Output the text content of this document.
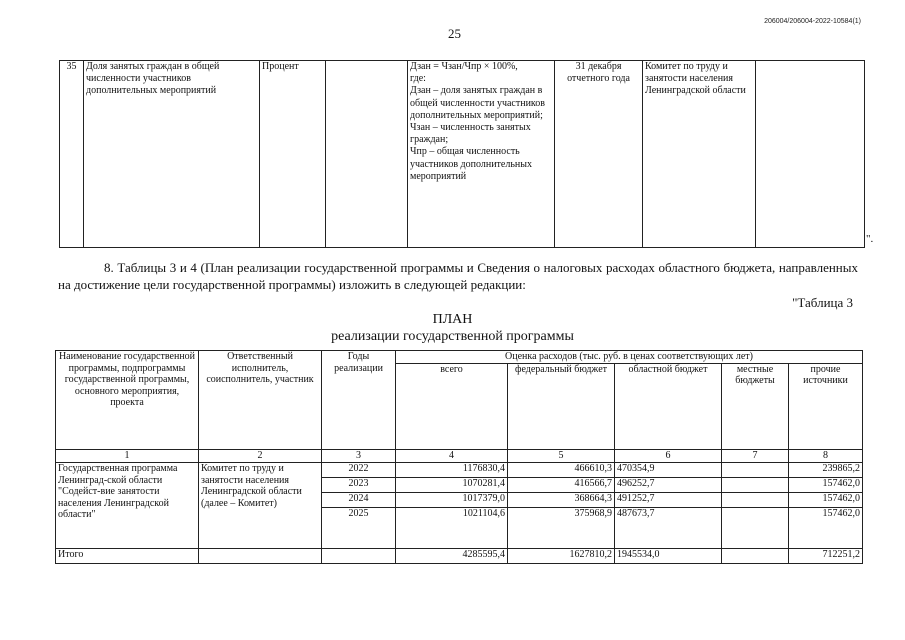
25
206004/206004-2022-10584(1)
35	Доля занятых граждан в общей численности участников дополнительных мероприятий	Процент		Дзан = Чзан/Чпр × 100%,
где:
Дзан – доля занятых граждан в общей численности участников дополнительных мероприятий;
Чзан – численность занятых граждан;
Чпр – общая численность участников дополнительных мероприятий
	31 декабря отчетного года	Комитет по труду и занятости населения Ленинградской области	
".
8. Таблицы 3 и 4 (План реализации государственной программы и Сведения о налоговых расходах областного бюджета, направленных на достижение цели государственной программы) изложить в следующей редакции:
"Таблица 3
ПЛАН
реализации государственной программы
Наименование государственной программы, подпрограммы государственной программы, основного мероприятия, проекта	Ответственный исполнитель, соисполнитель, участник	Годы реализации	Оценка расходов (тыс. руб. в ценах соответствующих лет)				
			всего	федеральный бюджет	областной бюджет	местные бюджеты	прочие источники
1	2	3	4	5	6	7	8
Государственная программа Ленинград-ской области "Содейст-вие занятости населения Ленинградской области"	Комитет по труду и занятости населения Ленинградской области (далее – Комитет)	2022	1176830,4	466610,3	470354,9		239865,2
		2023	1070281,4	416566,7	496252,7		157462,0
		2024	1017379,0	368664,3	491252,7		157462,0
		2025	1021104,6	375968,9	487673,7		157462,0
Итого			4285595,4	1627810,2	1945534,0		712251,2
